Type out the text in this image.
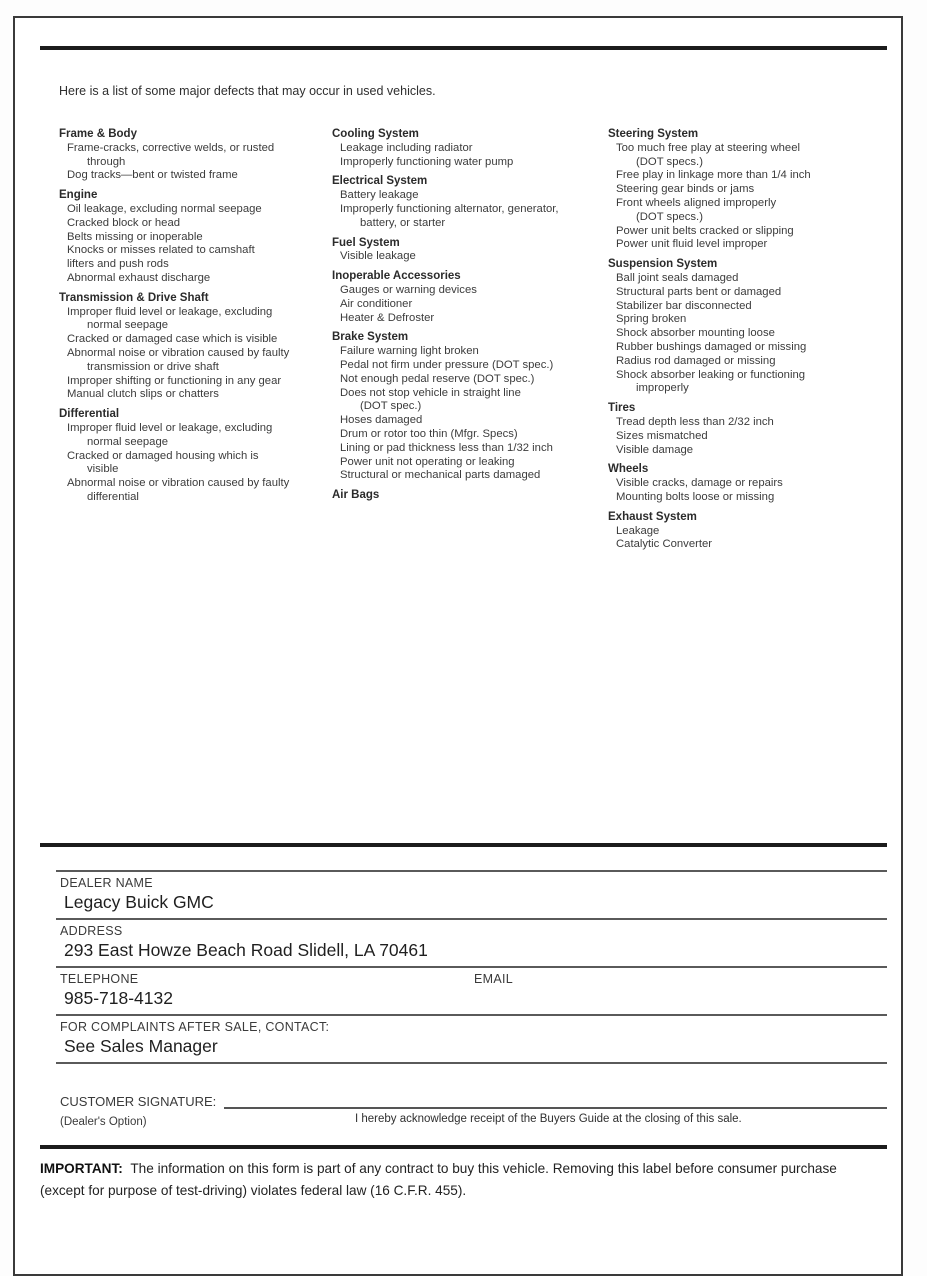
Here is a list of some major defects that may occur in used vehicles.

Frame & Body
Frame-cracks, corrective welds, or rusted
through
Dog tracks—bent or twisted frame
Engine
Oil leakage, excluding normal seepage
Cracked block or head
Belts missing or inoperable
Knocks or misses related to camshaft
lifters and push rods
Abnormal exhaust discharge
Transmission & Drive Shaft
Improper fluid level or leakage, excluding
normal seepage
Cracked or damaged case which is visible
Abnormal noise or vibration caused by faulty
transmission or drive shaft
Improper shifting or functioning in any gear
Manual clutch slips or chatters
Differential
Improper fluid level or leakage, excluding
normal seepage
Cracked or damaged housing which is
visible
Abnormal noise or vibration caused by faulty
differential
Cooling System
Leakage including radiator
Improperly functioning water pump
Electrical System
Battery leakage
Improperly functioning alternator, generator,
battery, or starter
Fuel System
Visible leakage
Inoperable Accessories
Gauges or warning devices
Air conditioner
Heater & Defroster
Brake System
Failure warning light broken
Pedal not firm under pressure (DOT spec.)
Not enough pedal reserve (DOT spec.)
Does not stop vehicle in straight line
(DOT spec.)
Hoses damaged
Drum or rotor too thin (Mfgr. Specs)
Lining or pad thickness less than 1/32 inch
Power unit not operating or leaking
Structural or mechanical parts damaged
Air Bags
Steering System
Too much free play at steering wheel
(DOT specs.)
Free play in linkage more than 1/4 inch
Steering gear binds or jams
Front wheels aligned improperly
(DOT specs.)
Power unit belts cracked or slipping
Power unit fluid level improper
Suspension System
Ball joint seals damaged
Structural parts bent or damaged
Stabilizer bar disconnected
Spring broken
Shock absorber mounting loose
Rubber bushings damaged or missing
Radius rod damaged or missing
Shock absorber leaking or functioning
improperly
Tires
Tread depth less than 2/32 inch
Sizes mismatched
Visible damage
Wheels
Visible cracks, damage or repairs
Mounting bolts loose or missing
Exhaust System
Leakage
Catalytic Converter
DEALER NAME
Legacy Buick GMC
ADDRESS
293 East Howze Beach Road Slidell, LA 70461
TELEPHONE	EMAIL
985-718-4132
FOR COMPLAINTS AFTER SALE, CONTACT:
See Sales Manager
CUSTOMER SIGNATURE:
(Dealer's Option)	I hereby acknowledge receipt of the Buyers Guide at the closing of this sale.

IMPORTANT: The information on this form is part of any contract to buy this vehicle. Removing this label before consumer purchase (except for purpose of test-driving) violates federal law (16 C.F.R. 455).
